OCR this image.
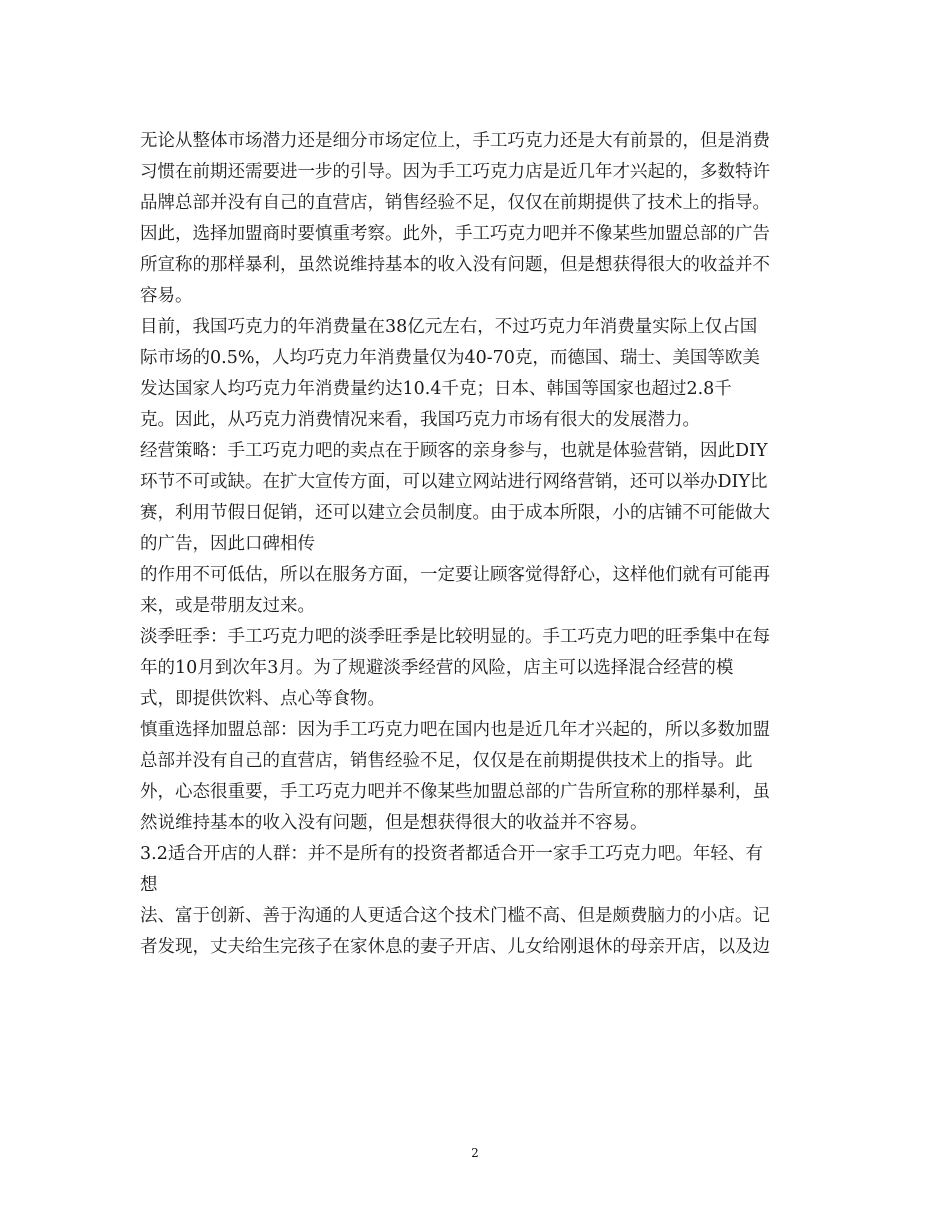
无论从整体市场潜力还是细分市场定位上，手工巧克力还是大有前景的，但是消费
习惯在前期还需要进一步的引导。因为手工巧克力店是近几年才兴起的，多数特许
品牌总部并没有自己的直营店，销售经验不足，仅仅在前期提供了技术上的指导。
因此，选择加盟商时要慎重考察。此外，手工巧克力吧并不像某些加盟总部的广告
所宣称的那样暴利，虽然说维持基本的收入没有问题，但是想获得很大的收益并不
容易。
目前，我国巧克力的年消费量在38亿元左右，不过巧克力年消费量实际上仅占国
际市场的0.5%，人均巧克力年消费量仅为40-70克，而德国、瑞士、美国等欧美
发达国家人均巧克力年消费量约达10.4千克；日本、韩国等国家也超过2.8千
克。因此，从巧克力消费情况来看，我国巧克力市场有很大的发展潜力。
经营策略：手工巧克力吧的卖点在于顾客的亲身参与，也就是体验营销，因此DIY
环节不可或缺。在扩大宣传方面，可以建立网站进行网络营销，还可以举办DIY比
赛，利用节假日促销，还可以建立会员制度。由于成本所限，小的店铺不可能做大
的广告，因此口碑相传
的作用不可低估，所以在服务方面，一定要让顾客觉得舒心，这样他们就有可能再
来，或是带朋友过来。
淡季旺季：手工巧克力吧的淡季旺季是比较明显的。手工巧克力吧的旺季集中在每
年的10月到次年3月。为了规避淡季经营的风险，店主可以选择混合经营的模
式，即提供饮料、点心等食物。
慎重选择加盟总部：因为手工巧克力吧在国内也是近几年才兴起的，所以多数加盟
总部并没有自己的直营店，销售经验不足，仅仅是在前期提供技术上的指导。此
外，心态很重要，手工巧克力吧并不像某些加盟总部的广告所宣称的那样暴利，虽
然说维持基本的收入没有问题，但是想获得很大的收益并不容易。
3.2适合开店的人群：并不是所有的投资者都适合开一家手工巧克力吧。年轻、有
想
法、富于创新、善于沟通的人更适合这个技术门槛不高、但是颇费脑力的小店。记
者发现，丈夫给生完孩子在家休息的妻子开店、儿女给刚退休的母亲开店，以及边
2
